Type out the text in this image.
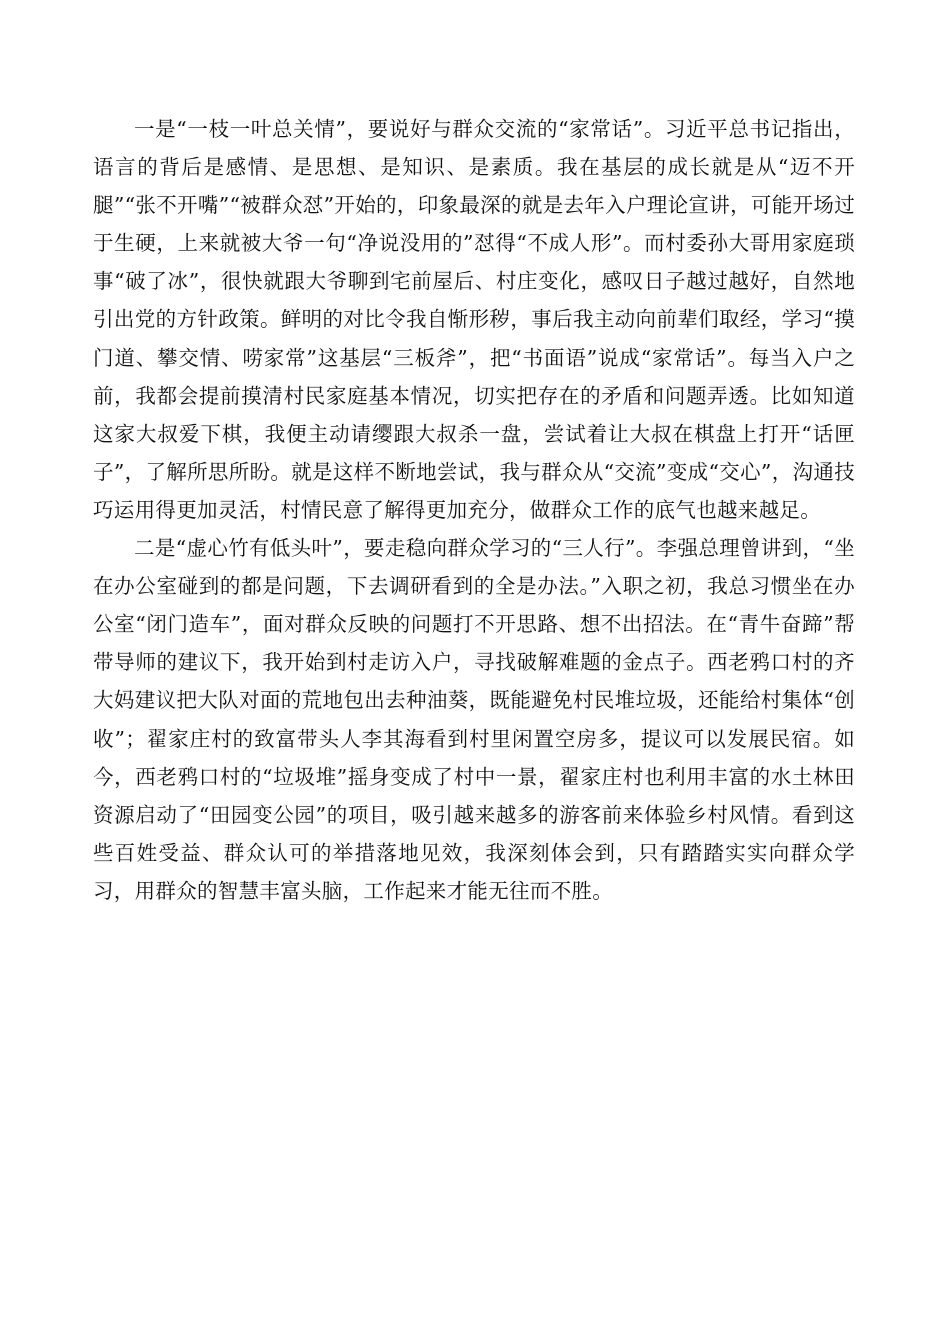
一是“一枝一叶总关情”，要说好与群众交流的“家常话”。习近平总书记指出，语言的背后是感情、是思想、是知识、是素质。我在基层的成长就是从“迈不开腿”“张不开嘴”“被群众怼”开始的，印象最深的就是去年入户理论宣讲，可能开场过于生硬，上来就被大爷一句“净说没用的”怼得“不成人形”。而村委孙大哥用家庭琐事“破了冰”，很快就跟大爷聊到宅前屋后、村庄变化，感叹日子越过越好，自然地引出党的方针政策。鲜明的对比令我自惭形秽，事后我主动向前辈们取经，学习“摸门道、攀交情、唠家常”这基层“三板斧”，把“书面语”说成“家常话”。每当入户之前，我都会提前摸清村民家庭基本情况，切实把存在的矛盾和问题弄透。比如知道这家大叔爱下棋，我便主动请缨跟大叔杀一盘，尝试着让大叔在棋盘上打开“话匣子”，了解所思所盼。就是这样不断地尝试，我与群众从“交流”变成“交心”，沟通技巧运用得更加灵活，村情民意了解得更加充分，做群众工作的底气也越来越足。

二是“虚心竹有低头叶”，要走稳向群众学习的“三人行”。李强总理曾讲到，“坐在办公室碰到的都是问题，下去调研看到的全是办法。”入职之初，我总习惯坐在办公室“闭门造车”，面对群众反映的问题打不开思路、想不出招法。在“青牛奋蹄”帮带导师的建议下，我开始到村走访入户，寻找破解难题的金点子。西老鸦口村的齐大妈建议把大队对面的荒地包出去种油葵，既能避免村民堆垃圾，还能给村集体“创收”；翟家庄村的致富带头人李其海看到村里闲置空房多，提议可以发展民宿。如今，西老鸦口村的“垃圾堆”摇身变成了村中一景，翟家庄村也利用丰富的水土林田资源启动了“田园变公园”的项目，吸引越来越多的游客前来体验乡村风情。看到这些百姓受益、群众认可的举措落地见效，我深刻体会到，只有踏踏实实向群众学习，用群众的智慧丰富头脑，工作起来才能无往而不胜。
